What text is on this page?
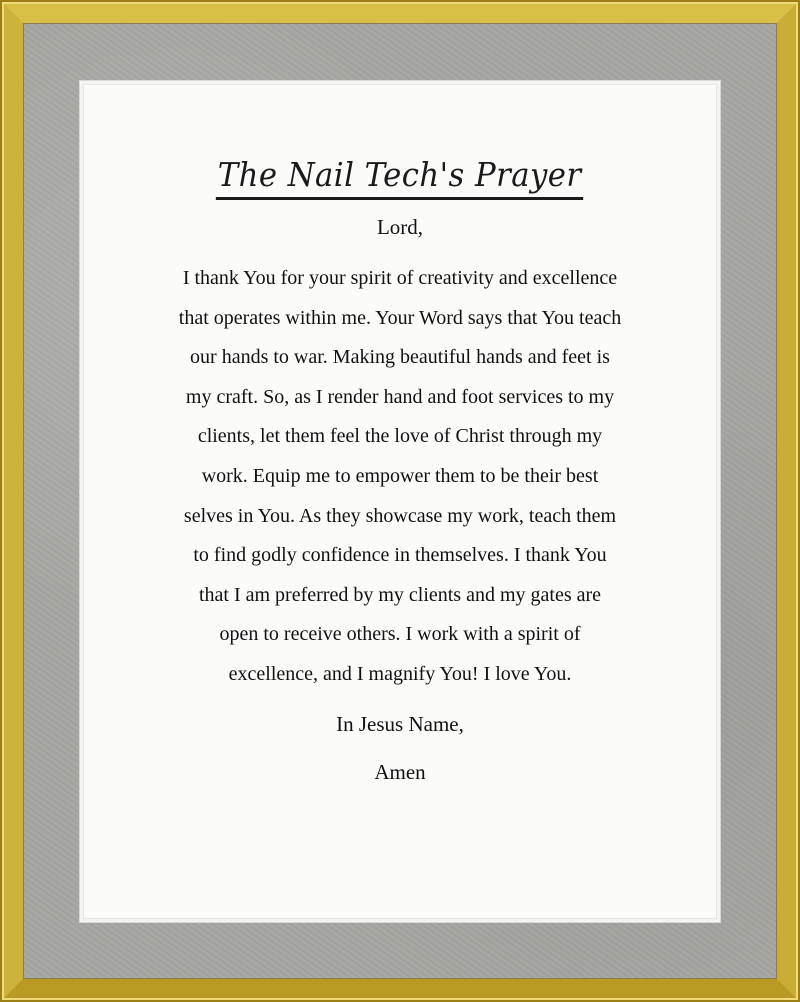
The Nail Tech's Prayer

Lord,

I thank You for your spirit of creativity and excellence
that operates within me. Your Word says that You teach
our hands to war. Making beautiful hands and feet is
my craft. So, as I render hand and foot services to my
clients, let them feel the love of Christ through my
work. Equip me to empower them to be their best
selves in You. As they showcase my work, teach them
to find godly confidence in themselves. I thank You
that I am preferred by my clients and my gates are
open to receive others. I work with a spirit of
excellence, and I magnify You! I love You.

In Jesus Name,

Amen
